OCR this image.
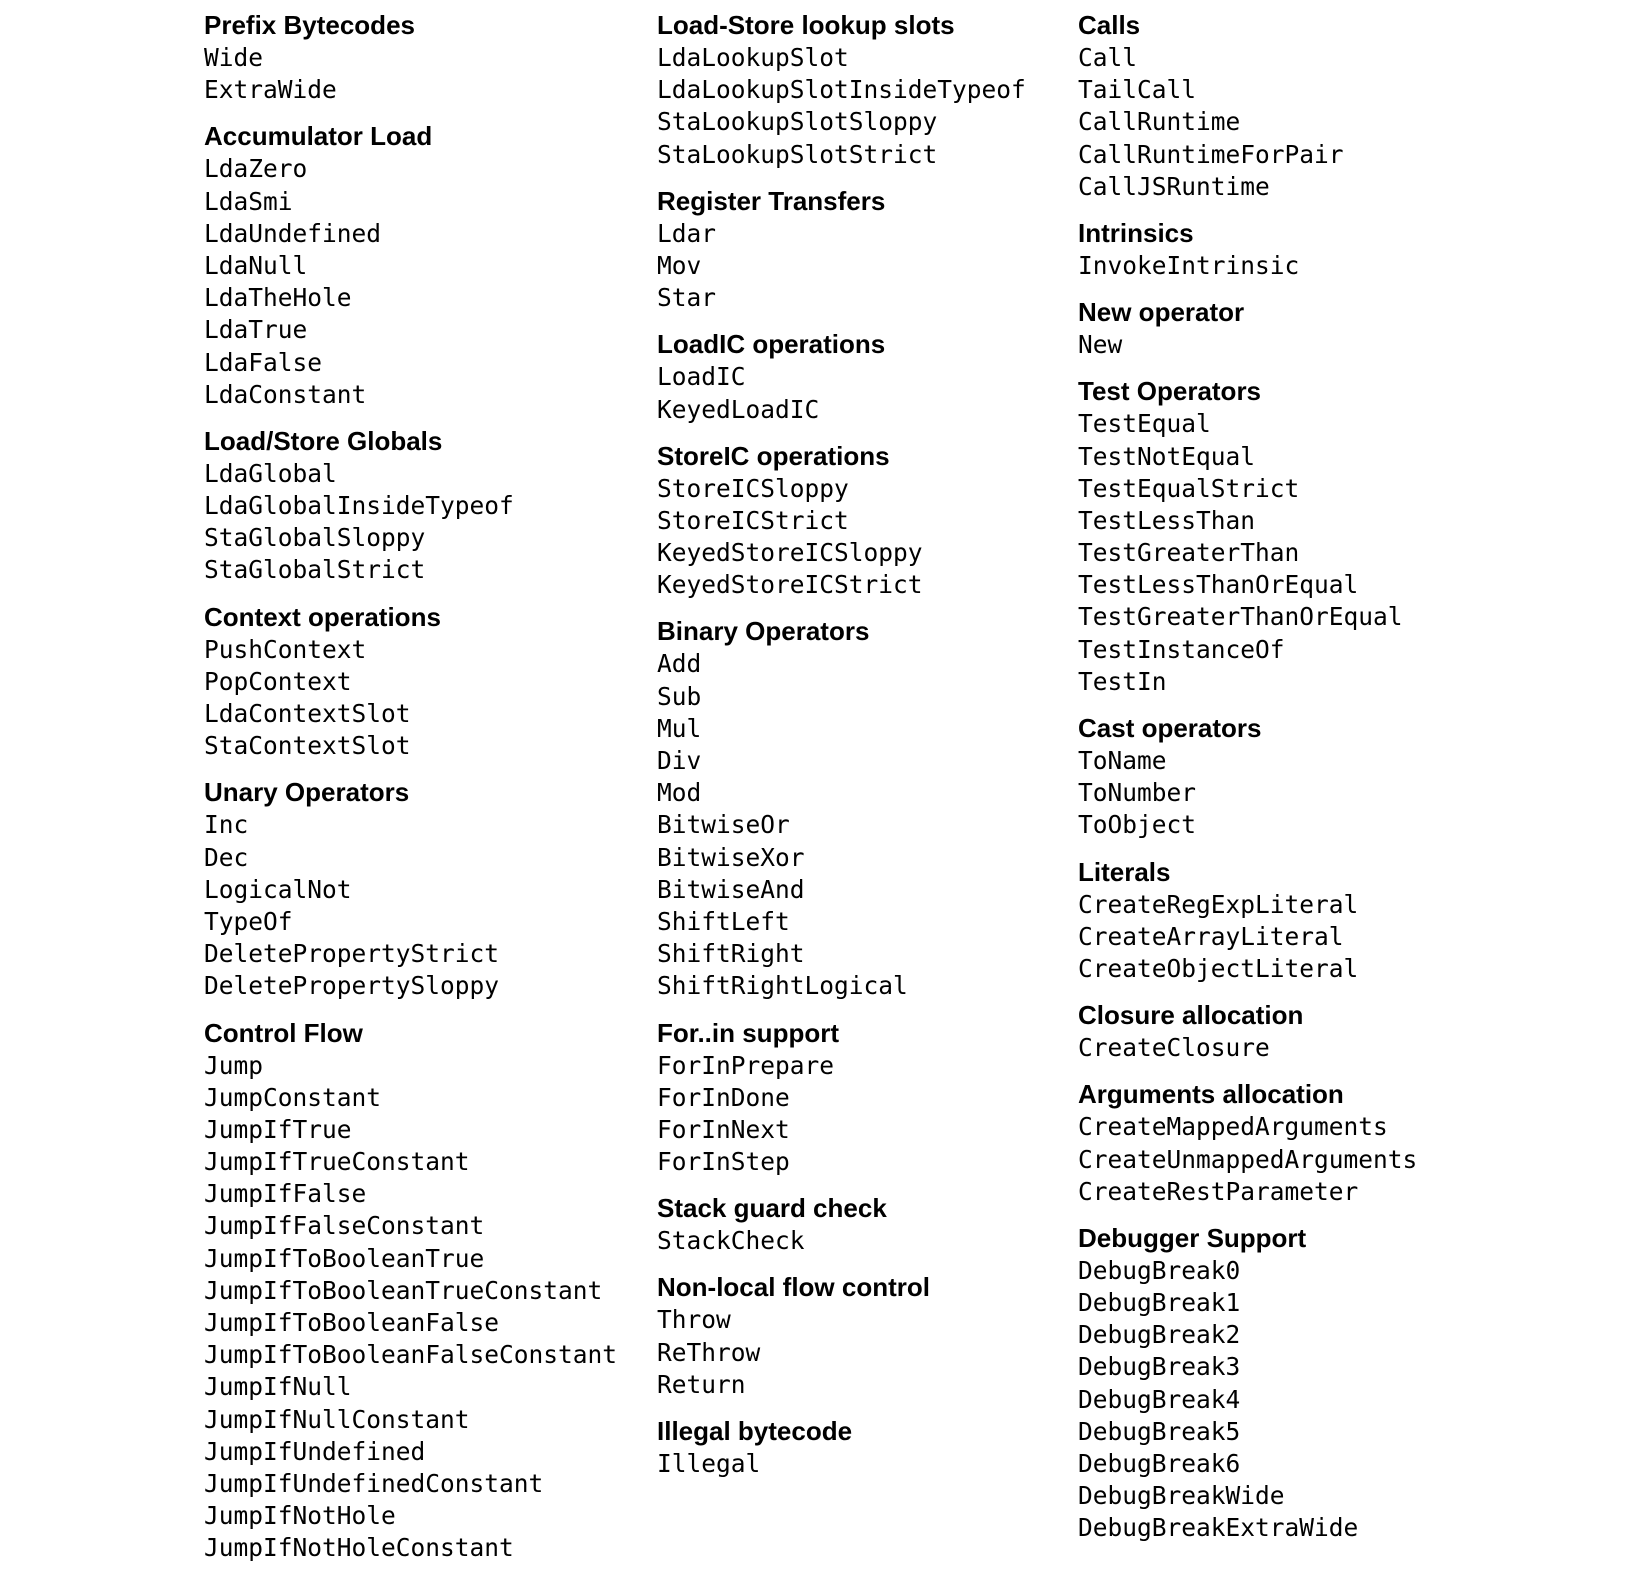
Prefix Bytecodes
Wide
ExtraWide
Accumulator Load
LdaZero
LdaSmi
LdaUndefined
LdaNull
LdaTheHole
LdaTrue
LdaFalse
LdaConstant
Load/Store Globals
LdaGlobal
LdaGlobalInsideTypeof
StaGlobalSloppy
StaGlobalStrict
Context operations
PushContext
PopContext
LdaContextSlot
StaContextSlot
Unary Operators
Inc
Dec
LogicalNot
TypeOf
DeletePropertyStrict
DeletePropertySloppy
Control Flow
Jump
JumpConstant
JumpIfTrue
JumpIfTrueConstant
JumpIfFalse
JumpIfFalseConstant
JumpIfToBooleanTrue
JumpIfToBooleanTrueConstant
JumpIfToBooleanFalse
JumpIfToBooleanFalseConstant
JumpIfNull
JumpIfNullConstant
JumpIfUndefined
JumpIfUndefinedConstant
JumpIfNotHole
JumpIfNotHoleConstant
Load-Store lookup slots
LdaLookupSlot
LdaLookupSlotInsideTypeof
StaLookupSlotSloppy
StaLookupSlotStrict
Register Transfers
Ldar
Mov
Star
LoadIC operations
LoadIC
KeyedLoadIC
StoreIC operations
StoreICSloppy
StoreICStrict
KeyedStoreICSloppy
KeyedStoreICStrict
Binary Operators
Add
Sub
Mul
Div
Mod
BitwiseOr
BitwiseXor
BitwiseAnd
ShiftLeft
ShiftRight
ShiftRightLogical
For..in support
ForInPrepare
ForInDone
ForInNext
ForInStep
Stack guard check
StackCheck
Non-local flow control
Throw
ReThrow
Return
Illegal bytecode
Illegal
Calls
Call
TailCall
CallRuntime
CallRuntimeForPair
CallJSRuntime
Intrinsics
InvokeIntrinsic
New operator
New
Test Operators
TestEqual
TestNotEqual
TestEqualStrict
TestLessThan
TestGreaterThan
TestLessThanOrEqual
TestGreaterThanOrEqual
TestInstanceOf
TestIn
Cast operators
ToName
ToNumber
ToObject
Literals
CreateRegExpLiteral
CreateArrayLiteral
CreateObjectLiteral
Closure allocation
CreateClosure
Arguments allocation
CreateMappedArguments
CreateUnmappedArguments
CreateRestParameter
Debugger Support
DebugBreak0
DebugBreak1
DebugBreak2
DebugBreak3
DebugBreak4
DebugBreak5
DebugBreak6
DebugBreakWide
DebugBreakExtraWide
